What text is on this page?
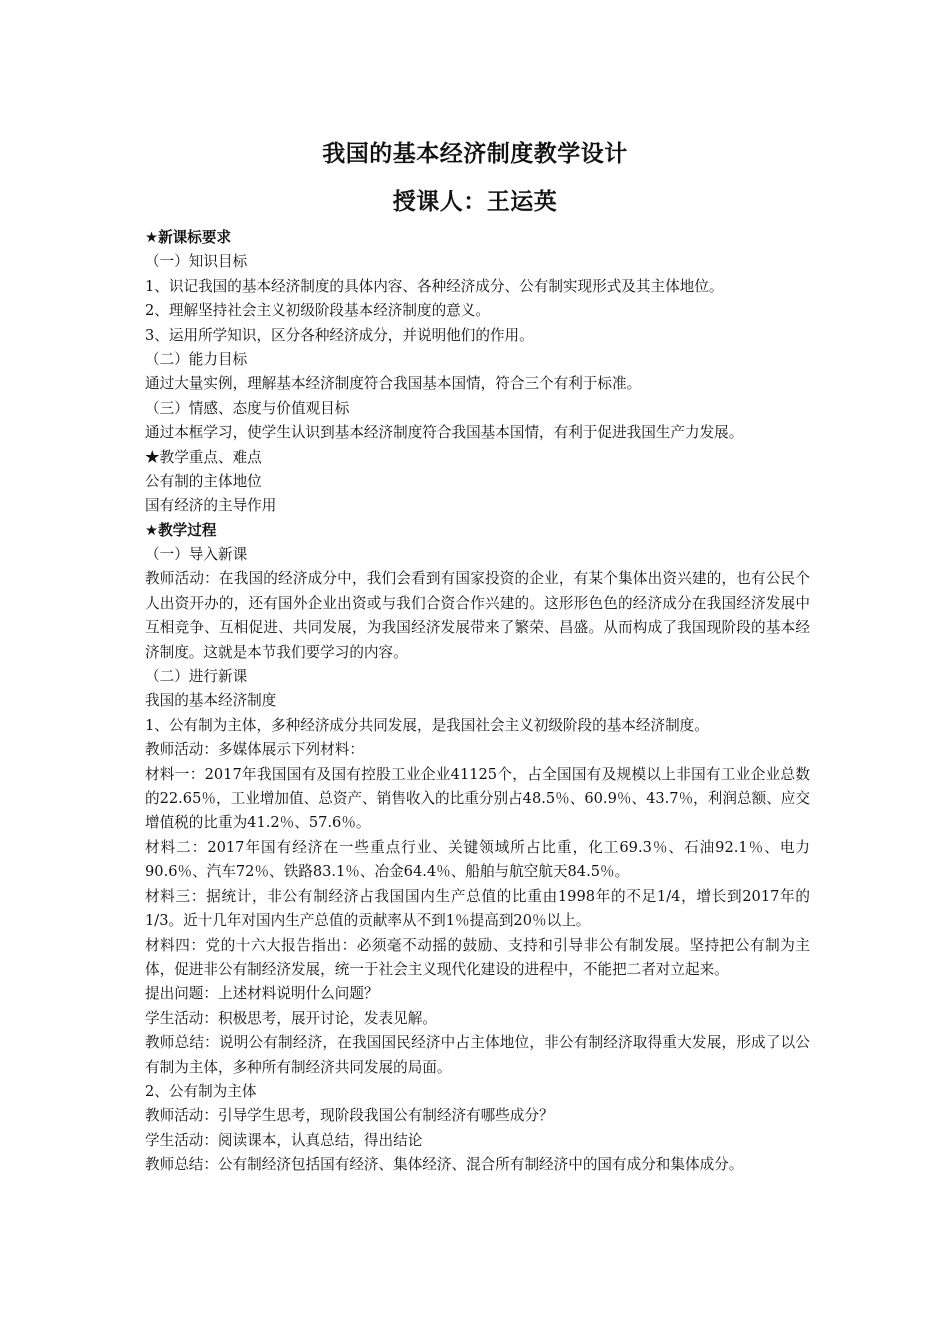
我国的基本经济制度教学设计
授课人：王运英
★新课标要求
（一）知识目标
1、识记我国的基本经济制度的具体内容、各种经济成分、公有制实现形式及其主体地位。
2、理解坚持社会主义初级阶段基本经济制度的意义。
3、运用所学知识，区分各种经济成分，并说明他们的作用。
（二）能力目标
通过大量实例，理解基本经济制度符合我国基本国情，符合三个有利于标准。
（三）情感、态度与价值观目标
通过本框学习，使学生认识到基本经济制度符合我国基本国情，有利于促进我国生产力发展。
★教学重点、难点
公有制的主体地位
国有经济的主导作用
★教学过程
（一）导入新课
教师活动：在我国的经济成分中，我们会看到有国家投资的企业，有某个集体出资兴建的，也有公民个人出资开办的，还有国外企业出资或与我们合资合作兴建的。这形形色色的经济成分在我国经济发展中互相竞争、互相促进、共同发展，为我国经济发展带来了繁荣、昌盛。从而构成了我国现阶段的基本经济制度。这就是本节我们要学习的内容。
（二）进行新课
我国的基本经济制度
1、公有制为主体，多种经济成分共同发展，是我国社会主义初级阶段的基本经济制度。
教师活动：多媒体展示下列材料：
材料一：2017年我国国有及国有控股工业企业41125个，占全国国有及规模以上非国有工业企业总数的22.65％，工业增加值、总资产、销售收入的比重分别占48.5％、60.9％、43.7％，利润总额、应交增值税的比重为41.2％、57.6％。
材料二：2017年国有经济在一些重点行业、关键领域所占比重，化工69.3％、石油92.1％、电力90.6％、汽车72％、铁路83.1％、冶金64.4％、船舶与航空航天84.5％。
材料三：据统计，非公有制经济占我国国内生产总值的比重由1998年的不足1/4，增长到2017年的1/3。近十几年对国内生产总值的贡献率从不到1％提高到20％以上。
材料四：党的十六大报告指出：必须毫不动摇的鼓励、支持和引导非公有制发展。坚持把公有制为主体，促进非公有制经济发展，统一于社会主义现代化建设的进程中，不能把二者对立起来。
提出问题：上述材料说明什么问题？
学生活动：积极思考，展开讨论，发表见解。
教师总结：说明公有制经济，在我国国民经济中占主体地位，非公有制经济取得重大发展，形成了以公有制为主体，多种所有制经济共同发展的局面。
2、公有制为主体
教师活动：引导学生思考，现阶段我国公有制经济有哪些成分？
学生活动：阅读课本，认真总结，得出结论
教师总结：公有制经济包括国有经济、集体经济、混合所有制经济中的国有成分和集体成分。
